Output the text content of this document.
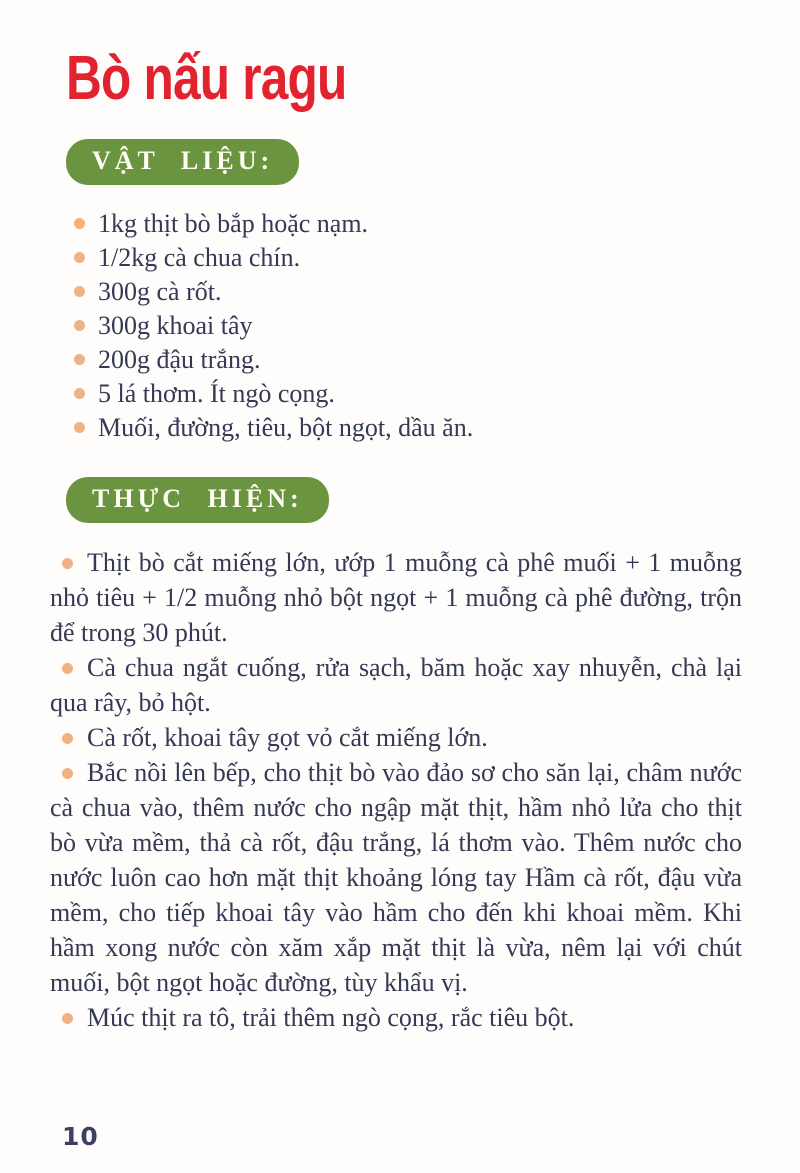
Bò nấu ragu
VẬT LIỆU:
1kg thịt bò bắp hoặc nạm.
1/2kg cà chua chín.
300g cà rốt.
300g khoai tây
200g đậu trắng.
5 lá thơm. Ít ngò cọng.
Muối, đường, tiêu, bột ngọt, dầu ăn.
THỰC HIỆN:

Thịt bò cắt miếng lớn, ướp 1 muỗng cà phê muối + 1 muỗng nhỏ tiêu + 1/2 muỗng nhỏ bột ngọt + 1 muỗng cà phê đường, trộn để trong 30 phút.

Cà chua ngắt cuống, rửa sạch, băm hoặc xay nhuyễn, chà lại qua rây, bỏ hột.

Cà rốt, khoai tây gọt vỏ cắt miếng lớn.

Bắc nồi lên bếp, cho thịt bò vào đảo sơ cho săn lại, châm nước cà chua vào, thêm nước cho ngập mặt thịt, hầm nhỏ lửa cho thịt bò vừa mềm, thả cà rốt, đậu trắng, lá thơm vào. Thêm nước cho nước luôn cao hơn mặt thịt khoảng lóng tay Hầm cà rốt, đậu vừa mềm, cho tiếp khoai tây vào hầm cho đến khi khoai mềm. Khi hầm xong nước còn xăm xắp mặt thịt là vừa, nêm lại với chút muối, bột ngọt hoặc đường, tùy khẩu vị.

Múc thịt ra tô, trải thêm ngò cọng, rắc tiêu bột.

10
